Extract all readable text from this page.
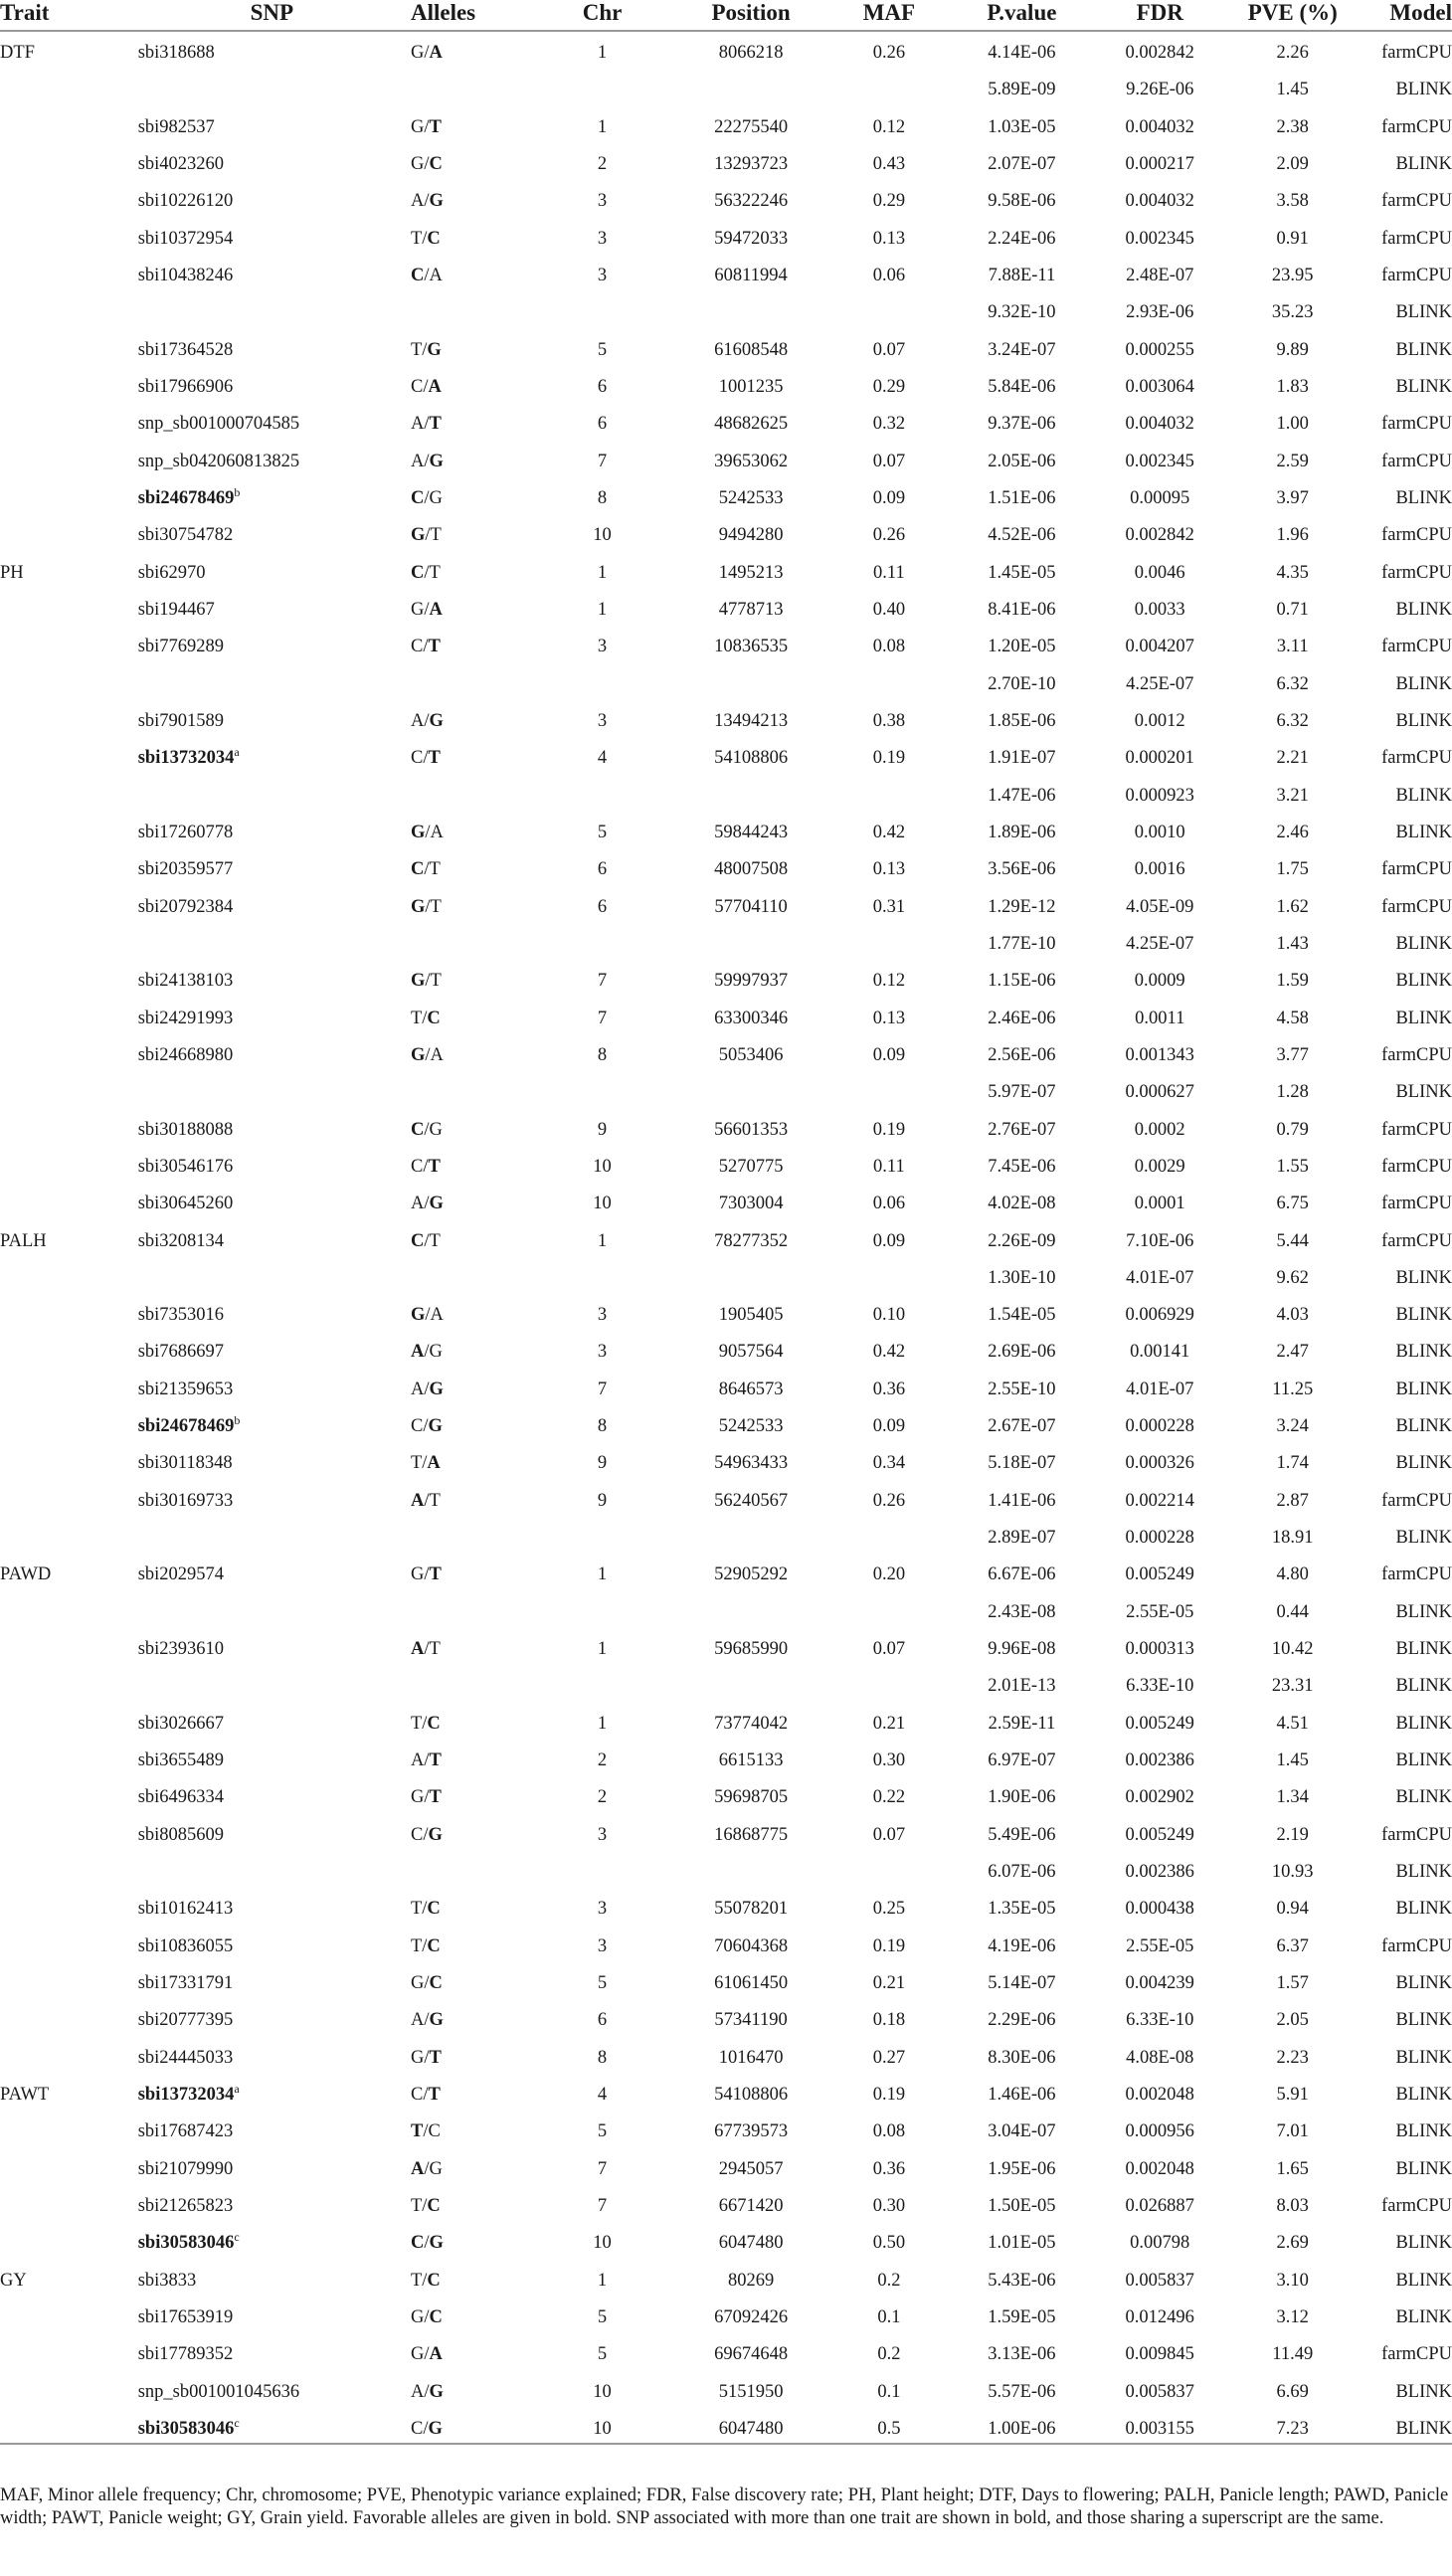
Trait	SNP	Alleles	Chr	Position	MAF	P.value	FDR	PVE (%)	Model
DTF	sbi318688	G/A	1	8066218	0.26	4.14E-06	0.002842	2.26	farmCPU
						5.89E-09	9.26E-06	1.45	BLINK
	sbi982537	G/T	1	22275540	0.12	1.03E-05	0.004032	2.38	farmCPU
	sbi4023260	G/C	2	13293723	0.43	2.07E-07	0.000217	2.09	BLINK
	sbi10226120	A/G	3	56322246	0.29	9.58E-06	0.004032	3.58	farmCPU
	sbi10372954	T/C	3	59472033	0.13	2.24E-06	0.002345	0.91	farmCPU
	sbi10438246	C/A	3	60811994	0.06	7.88E-11	2.48E-07	23.95	farmCPU
						9.32E-10	2.93E-06	35.23	BLINK
	sbi17364528	T/G	5	61608548	0.07	3.24E-07	0.000255	9.89	BLINK
	sbi17966906	C/A	6	1001235	0.29	5.84E-06	0.003064	1.83	BLINK
	snp_sb001000704585	A/T	6	48682625	0.32	9.37E-06	0.004032	1.00	farmCPU
	snp_sb042060813825	A/G	7	39653062	0.07	2.05E-06	0.002345	2.59	farmCPU
	sbi24678469$^b$	C/G	8	5242533	0.09	1.51E-06	0.00095	3.97	BLINK
	sbi30754782	G/T	10	9494280	0.26	4.52E-06	0.002842	1.96	farmCPU
PH	sbi62970	C/T	1	1495213	0.11	1.45E-05	0.0046	4.35	farmCPU
	sbi194467	G/A	1	4778713	0.40	8.41E-06	0.0033	0.71	BLINK
	sbi7769289	C/T	3	10836535	0.08	1.20E-05	0.004207	3.11	farmCPU
						2.70E-10	4.25E-07	6.32	BLINK
	sbi7901589	A/G	3	13494213	0.38	1.85E-06	0.0012	6.32	BLINK
	sbi13732034$^a$	C/T	4	54108806	0.19	1.91E-07	0.000201	2.21	farmCPU
						1.47E-06	0.000923	3.21	BLINK
	sbi17260778	G/A	5	59844243	0.42	1.89E-06	0.0010	2.46	BLINK
	sbi20359577	C/T	6	48007508	0.13	3.56E-06	0.0016	1.75	farmCPU
	sbi20792384	G/T	6	57704110	0.31	1.29E-12	4.05E-09	1.62	farmCPU
						1.77E-10	4.25E-07	1.43	BLINK
	sbi24138103	G/T	7	59997937	0.12	1.15E-06	0.0009	1.59	BLINK
	sbi24291993	T/C	7	63300346	0.13	2.46E-06	0.0011	4.58	BLINK
	sbi24668980	G/A	8	5053406	0.09	2.56E-06	0.001343	3.77	farmCPU
						5.97E-07	0.000627	1.28	BLINK
	sbi30188088	C/G	9	56601353	0.19	2.76E-07	0.0002	0.79	farmCPU
	sbi30546176	C/T	10	5270775	0.11	7.45E-06	0.0029	1.55	farmCPU
	sbi30645260	A/G	10	7303004	0.06	4.02E-08	0.0001	6.75	farmCPU
PALH	sbi3208134	C/T	1	78277352	0.09	2.26E-09	7.10E-06	5.44	farmCPU
						1.30E-10	4.01E-07	9.62	BLINK
	sbi7353016	G/A	3	1905405	0.10	1.54E-05	0.006929	4.03	BLINK
	sbi7686697	A/G	3	9057564	0.42	2.69E-06	0.00141	2.47	BLINK
	sbi21359653	A/G	7	8646573	0.36	2.55E-10	4.01E-07	11.25	BLINK
	sbi24678469$^b$	C/G	8	5242533	0.09	2.67E-07	0.000228	3.24	BLINK
	sbi30118348	T/A	9	54963433	0.34	5.18E-07	0.000326	1.74	BLINK
	sbi30169733	A/T	9	56240567	0.26	1.41E-06	0.002214	2.87	farmCPU
						2.89E-07	0.000228	18.91	BLINK
PAWD	sbi2029574	G/T	1	52905292	0.20	6.67E-06	0.005249	4.80	farmCPU
						2.43E-08	2.55E-05	0.44	BLINK
	sbi2393610	A/T	1	59685990	0.07	9.96E-08	0.000313	10.42	BLINK
						2.01E-13	6.33E-10	23.31	BLINK
	sbi3026667	T/C	1	73774042	0.21	2.59E-11	0.005249	4.51	BLINK
	sbi3655489	A/T	2	6615133	0.30	6.97E-07	0.002386	1.45	BLINK
	sbi6496334	G/T	2	59698705	0.22	1.90E-06	0.002902	1.34	BLINK
	sbi8085609	C/G	3	16868775	0.07	5.49E-06	0.005249	2.19	farmCPU
						6.07E-06	0.002386	10.93	BLINK
	sbi10162413	T/C	3	55078201	0.25	1.35E-05	0.000438	0.94	BLINK
	sbi10836055	T/C	3	70604368	0.19	4.19E-06	2.55E-05	6.37	farmCPU
	sbi17331791	G/C	5	61061450	0.21	5.14E-07	0.004239	1.57	BLINK
	sbi20777395	A/G	6	57341190	0.18	2.29E-06	6.33E-10	2.05	BLINK
	sbi24445033	G/T	8	1016470	0.27	8.30E-06	4.08E-08	2.23	BLINK
PAWT	sbi13732034$^a$	C/T	4	54108806	0.19	1.46E-06	0.002048	5.91	BLINK
	sbi17687423	T/C	5	67739573	0.08	3.04E-07	0.000956	7.01	BLINK
	sbi21079990	A/G	7	2945057	0.36	1.95E-06	0.002048	1.65	BLINK
	sbi21265823	T/C	7	6671420	0.30	1.50E-05	0.026887	8.03	farmCPU
	sbi30583046$^c$	C/G	10	6047480	0.50	1.01E-05	0.00798	2.69	BLINK
GY	sbi3833	T/C	1	80269	0.2	5.43E-06	0.005837	3.10	BLINK
	sbi17653919	G/C	5	67092426	0.1	1.59E-05	0.012496	3.12	BLINK
	sbi17789352	G/A	5	69674648	0.2	3.13E-06	0.009845	11.49	farmCPU
	snp_sb001001045636	A/G	10	5151950	0.1	5.57E-06	0.005837	6.69	BLINK
	sbi30583046$^c$	C/G	10	6047480	0.5	1.00E-06	0.003155	7.23	BLINK
MAF, Minor allele frequency; Chr, chromosome; PVE, Phenotypic variance explained; FDR, False discovery rate; PH, Plant height; DTF, Days to flowering; PALH, Panicle length; PAWD, Panicle width; PAWT, Panicle weight; GY, Grain yield. Favorable alleles are given in bold. SNP associated with more than one trait are shown in bold, and those sharing a superscript are the same.
